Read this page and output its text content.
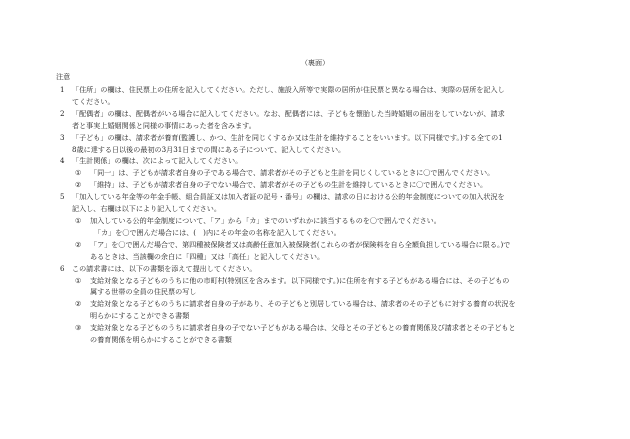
（裏面）
注意
1 「住所」の欄は、住民票上の住所を記入してください。ただし、施設入所等で実際の居所が住民票と異なる場合は、実際の居所を記入し
てください。
2 「配偶者」の欄は、配偶者がいる場合に記入してください。なお、配偶者には、子どもを懐胎した当時婚姻の届出をしていないが、請求
者と事実上婚姻関係と同様の事情にあった者を含みます。
3 「子ども」の欄は、請求者が養育(監護し、かつ、生計を同じくするか又は生計を維持することをいいます。以下同様です。)する全ての1
8歳に達する日以後の最初の3月31日までの間にある子について、記入してください。
4 「生計関係」の欄は、次によって記入してください。
① 「同一」は、子どもが請求者自身の子である場合で、請求者がその子どもと生計を同じくしているときに〇で囲んでください。
② 「維持」は、子どもが請求者自身の子でない場合で、請求者がその子どもの生計を維持しているときに〇で囲んでください。
5 「加入している年金等の年金手帳、組合員証又は加入者証の記号・番号」の欄は、請求の日における公的年金制度についての加入状況を
記入し、右欄は以下により記入してください。
① 加入している公的年金制度について、「ア」から「カ」までのいずれかに該当するものを〇で囲んでください。
「カ」を〇で囲んだ場合には、(　)内にその年金の名称を記入してください。
② 「ア」を〇で囲んだ場合で、第四種被保険者又は高齢任意加入被保険者(これらの者が保険料を自ら全額負担している場合に限る。)で
あるときは、当該欄の余白に「四種」又は「高任」と記入してください。
6 この請求書には、以下の書類を添えて提出してください。
① 支給対象となる子どものうちに他の市町村(特別区を含みます。以下同様です。)に住所を有する子どもがある場合には、その子どもの
属する世帯の全員の住民票の写し
② 支給対象となる子どものうちに請求者自身の子があり、その子どもと別居している場合は、請求者のその子どもに対する養育の状況を
明らかにすることができる書類
③ 支給対象となる子どものうちに請求者自身の子でない子どもがある場合は、父母とその子どもとの養育関係及び請求者とその子どもと
の養育関係を明らかにすることができる書類
